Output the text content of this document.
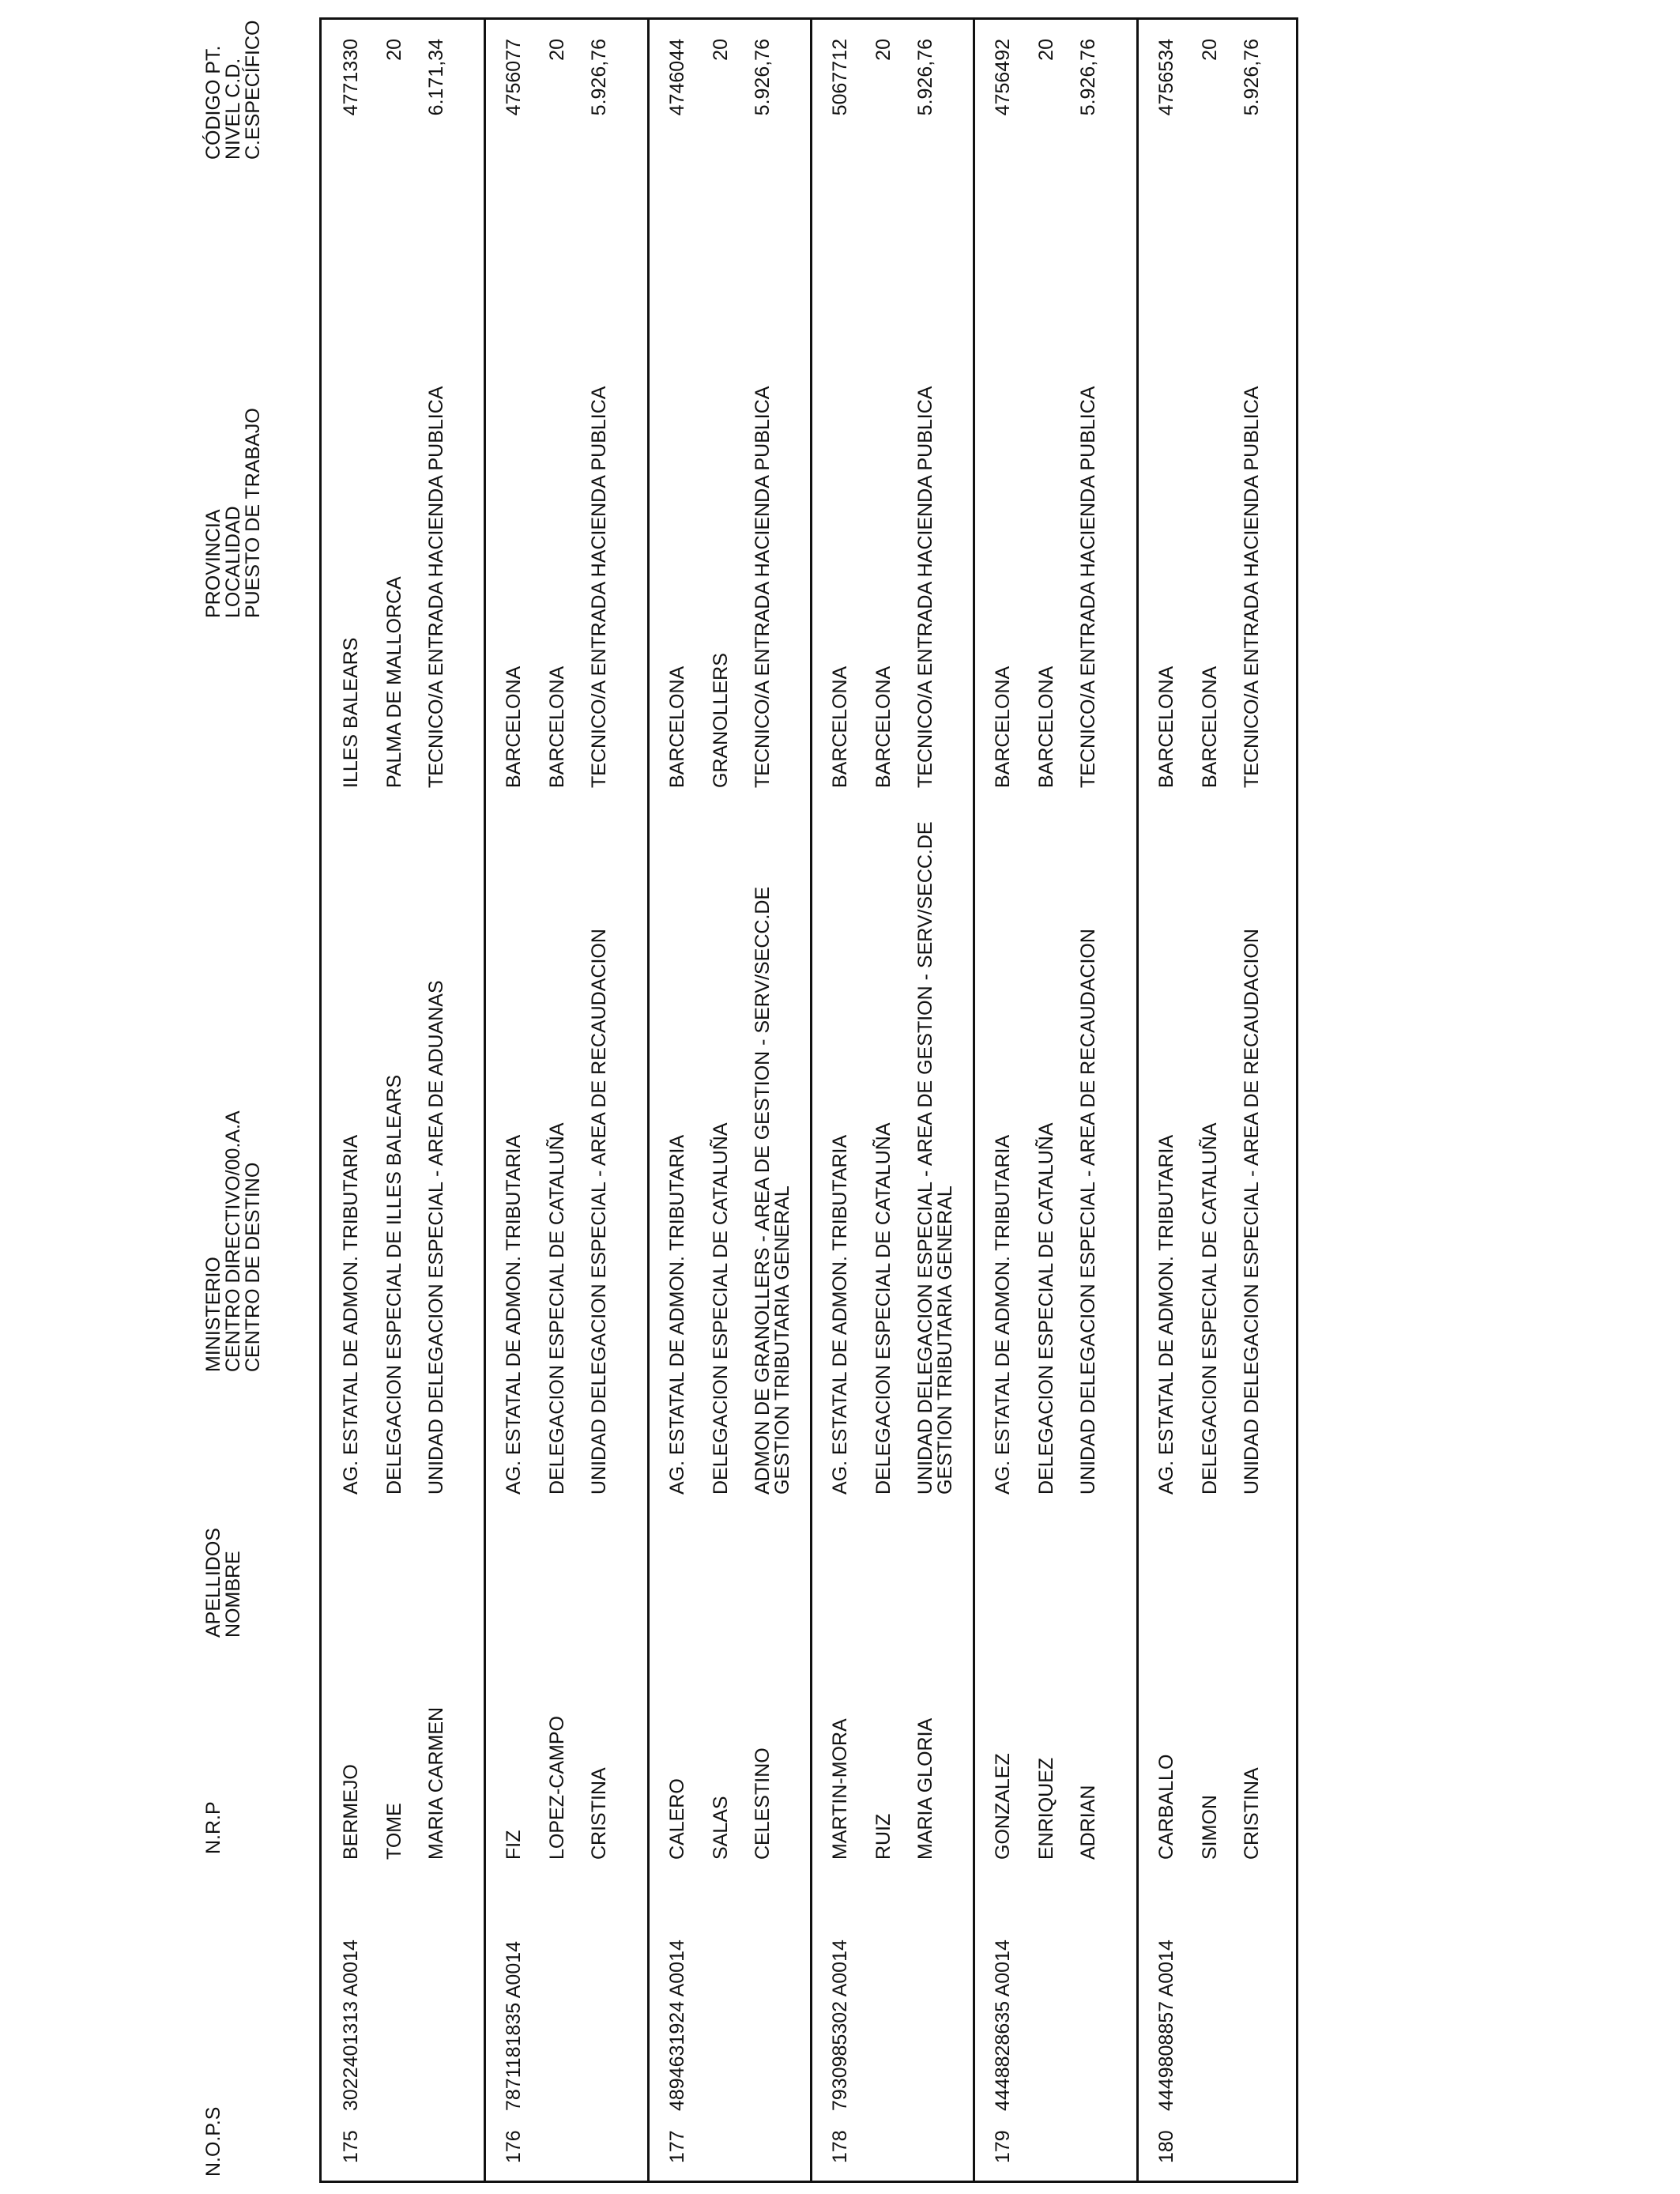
N.O.P.S
N.R.P
APELLIDOS
NOMBRE
MINISTERIO
CENTRO DIRECTIVO/00.A.A
CENTRO DE DESTINO
PROVINCIA
LOCALIDAD
PUESTO DE TRABAJO
CÓDIGO PT.
NIVEL C.D.
C.ESPECÍFICO
175
3022401313 A0014
BERMEJO TOME MARIA CARMEN
AG. ESTATAL DE ADMON. TRIBUTARIA DELEGACION ESPECIAL DE ILLES BALEARS UNIDAD DELEGACION ESPECIAL - AREA DE ADUANAS
ILLES BALEARS PALMA DE MALLORCA TECNICO/A ENTRADA HACIENDA PUBLICA
4771330 20 6.171,34
176
7871181835 A0014
FIZ LOPEZ-CAMPO CRISTINA
AG. ESTATAL DE ADMON. TRIBUTARIA DELEGACION ESPECIAL DE CATALUÑA UNIDAD DELEGACION ESPECIAL - AREA DE RECAUDACION
BARCELONA BARCELONA TECNICO/A ENTRADA HACIENDA PUBLICA
4756077 20 5.926,76
177
4894631924 A0014
CALERO SALAS CELESTINO
AG. ESTATAL DE ADMON. TRIBUTARIA DELEGACION ESPECIAL DE CATALUÑA ADMON DE GRANOLLERS - AREA DE GESTION - SERV/SECC.DE GESTION TRIBUTARIA GENERAL
BARCELONA GRANOLLERS TECNICO/A ENTRADA HACIENDA PUBLICA
4746044 20 5.926,76
178
7930985302 A0014
MARTIN-MORA RUIZ MARIA GLORIA
AG. ESTATAL DE ADMON. TRIBUTARIA DELEGACION ESPECIAL DE CATALUÑA UNIDAD DELEGACION ESPECIAL - AREA DE GESTION - SERV/SECC.DE GESTION TRIBUTARIA GENERAL
BARCELONA BARCELONA TECNICO/A ENTRADA HACIENDA PUBLICA
5067712 20 5.926,76
179
4448828635 A0014
GONZALEZ ENRIQUEZ ADRIAN
AG. ESTATAL DE ADMON. TRIBUTARIA DELEGACION ESPECIAL DE CATALUÑA UNIDAD DELEGACION ESPECIAL - AREA DE RECAUDACION
BARCELONA BARCELONA TECNICO/A ENTRADA HACIENDA PUBLICA
4756492 20 5.926,76
180
4449808857 A0014
CARBALLO SIMON CRISTINA
AG. ESTATAL DE ADMON. TRIBUTARIA DELEGACION ESPECIAL DE CATALUÑA UNIDAD DELEGACION ESPECIAL - AREA DE RECAUDACION
BARCELONA BARCELONA TECNICO/A ENTRADA HACIENDA PUBLICA
4756534 20 5.926,76
